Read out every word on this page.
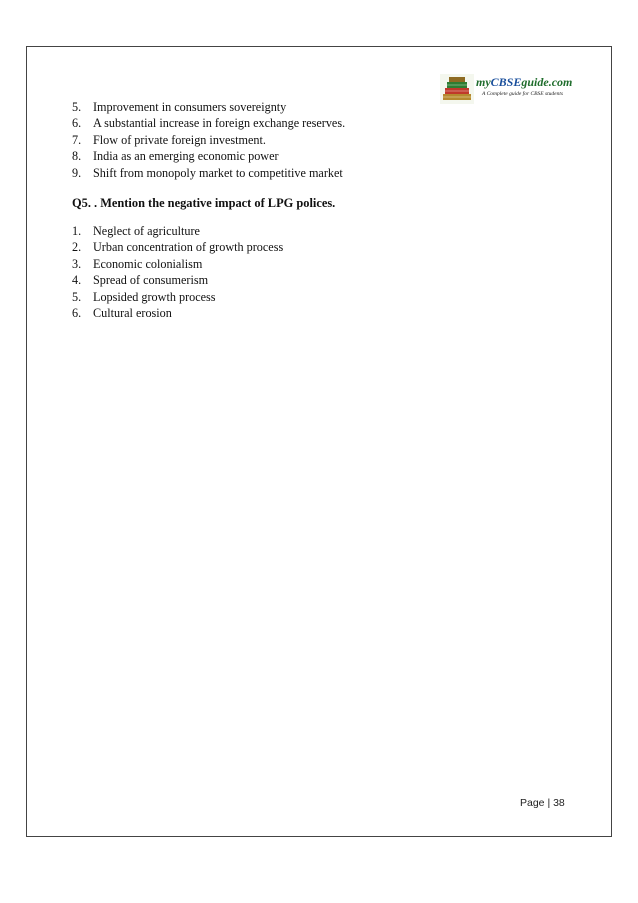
myCBSEguide.com
A Complete guide for CBSE students
5. Improvement in consumers sovereignty
6. A substantial increase in foreign exchange reserves.
7. Flow of private foreign investment.
8. India as an emerging economic power
9. Shift from monopoly market to competitive market
Q5. . Mention the negative impact of LPG polices.
1. Neglect of agriculture
2. Urban concentration of growth process
3. Economic colonialism
4. Spread of consumerism
5. Lopsided growth process
6. Cultural erosion
Page | 38
